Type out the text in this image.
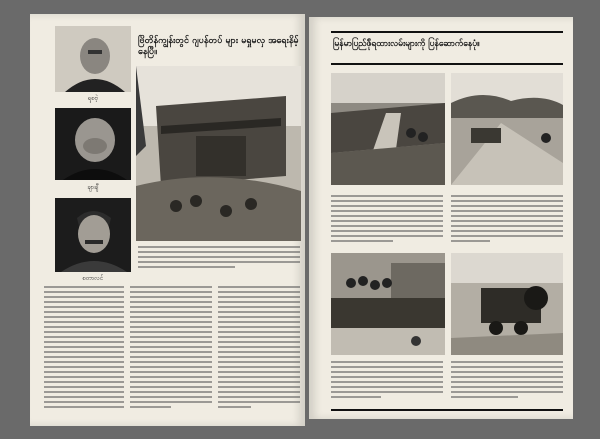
ရုစဗဲ့
ချာချီ
စတာလင်
ဗြိတိန်ကျွန်းတွင် ဂျပန်တပ် များ မရှုမလှ အရေးနိမ့်နေပြီ။
မြန်မာပြည်ဖ်ိုရထားလမ်းများကို ပြန်ဆောက်နေပုံ။
